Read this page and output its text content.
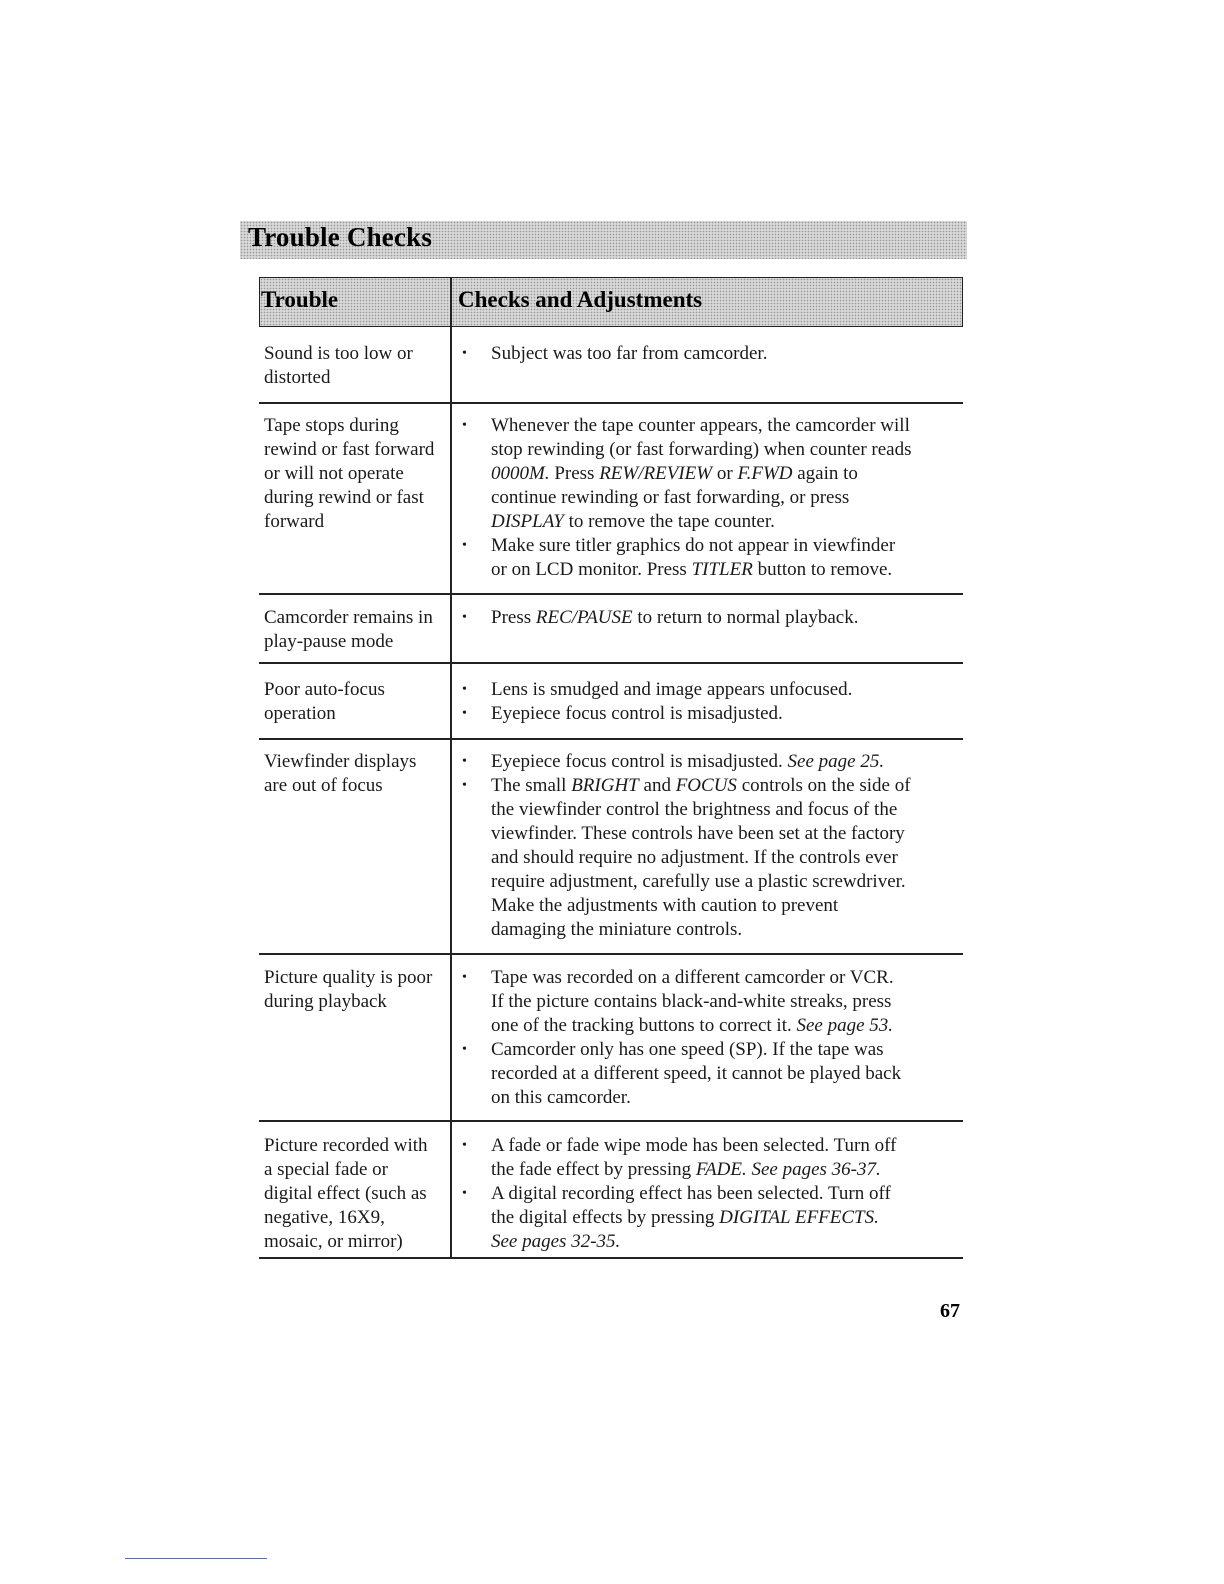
Trouble Checks
Trouble	Checks and Adjustments
Sound is too low or
distorted
• Subject was too far from camcorder.
Tape stops during
rewind or fast forward
or will not operate
during rewind or fast
forward
• Whenever the tape counter appears, the camcorder will
stop rewinding (or fast forwarding) when counter reads
0000M. Press REW/REVIEW or F.FWD again to
continue rewinding or fast forwarding, or press
DISPLAY to remove the tape counter.
• Make sure titler graphics do not appear in viewfinder
or on LCD monitor. Press TITLER button to remove.
Camcorder remains in
play-pause mode
• Press REC/PAUSE to return to normal playback.
Poor auto-focus
operation
• Lens is smudged and image appears unfocused.
• Eyepiece focus control is misadjusted.
Viewfinder displays
are out of focus
• Eyepiece focus control is misadjusted. See page 25.
• The small BRIGHT and FOCUS controls on the side of
the viewfinder control the brightness and focus of the
viewfinder. These controls have been set at the factory
and should require no adjustment. If the controls ever
require adjustment, carefully use a plastic screwdriver.
Make the adjustments with caution to prevent
damaging the miniature controls.
Picture quality is poor
during playback
• Tape was recorded on a different camcorder or VCR.
If the picture contains black-and-white streaks, press
one of the tracking buttons to correct it. See page 53.
• Camcorder only has one speed (SP). If the tape was
recorded at a different speed, it cannot be played back
on this camcorder.
Picture recorded with
a special fade or
digital effect (such as
negative, 16X9,
mosaic, or mirror)
• A fade or fade wipe mode has been selected. Turn off
the fade effect by pressing FADE. See pages 36-37.
• A digital recording effect has been selected. Turn off
the digital effects by pressing DIGITAL EFFECTS.
See pages 32-35.
67
